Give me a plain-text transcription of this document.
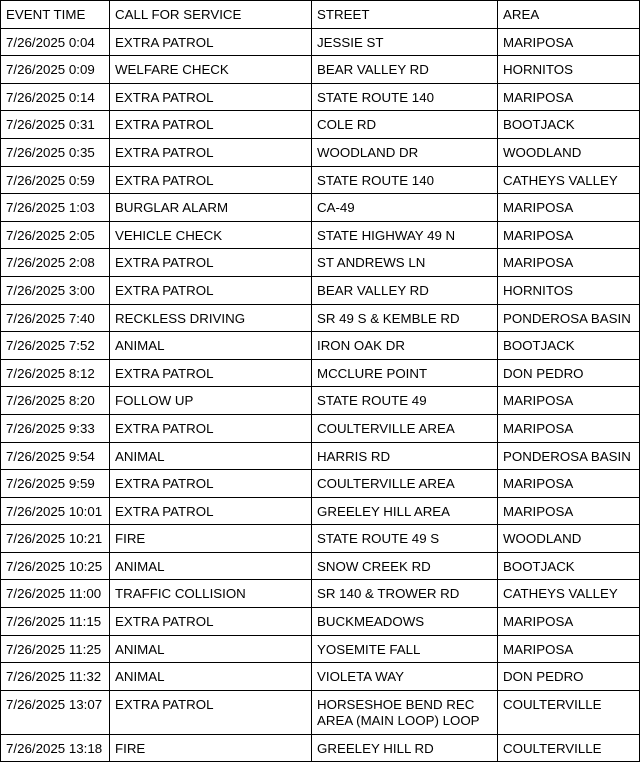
EVENT TIME	CALL FOR SERVICE	STREET	AREA
7/26/2025 0:04	EXTRA PATROL	JESSIE ST	MARIPOSA
7/26/2025 0:09	WELFARE CHECK	BEAR VALLEY RD	HORNITOS
7/26/2025 0:14	EXTRA PATROL	STATE ROUTE 140	MARIPOSA
7/26/2025 0:31	EXTRA PATROL	COLE RD	BOOTJACK
7/26/2025 0:35	EXTRA PATROL	WOODLAND DR	WOODLAND
7/26/2025 0:59	EXTRA PATROL	STATE ROUTE 140	CATHEYS VALLEY
7/26/2025 1:03	BURGLAR ALARM	CA-49	MARIPOSA
7/26/2025 2:05	VEHICLE CHECK	STATE HIGHWAY 49 N	MARIPOSA
7/26/2025 2:08	EXTRA PATROL	ST ANDREWS LN	MARIPOSA
7/26/2025 3:00	EXTRA PATROL	BEAR VALLEY RD	HORNITOS
7/26/2025 7:40	RECKLESS DRIVING	SR 49 S & KEMBLE RD	PONDEROSA BASIN
7/26/2025 7:52	ANIMAL	IRON OAK DR	BOOTJACK
7/26/2025 8:12	EXTRA PATROL	MCCLURE POINT	DON PEDRO
7/26/2025 8:20	FOLLOW UP	STATE ROUTE 49	MARIPOSA
7/26/2025 9:33	EXTRA PATROL	COULTERVILLE AREA	MARIPOSA
7/26/2025 9:54	ANIMAL	HARRIS RD	PONDEROSA BASIN
7/26/2025 9:59	EXTRA PATROL	COULTERVILLE AREA	MARIPOSA
7/26/2025 10:01	EXTRA PATROL	GREELEY HILL AREA	MARIPOSA
7/26/2025 10:21	FIRE	STATE ROUTE 49 S	WOODLAND
7/26/2025 10:25	ANIMAL	SNOW CREEK RD	BOOTJACK
7/26/2025 11:00	TRAFFIC COLLISION	SR 140 & TROWER RD	CATHEYS VALLEY
7/26/2025 11:15	EXTRA PATROL	BUCKMEADOWS	MARIPOSA
7/26/2025 11:25	ANIMAL	YOSEMITE FALL	MARIPOSA
7/26/2025 11:32	ANIMAL	VIOLETA WAY	DON PEDRO
7/26/2025 13:07	EXTRA PATROL	HORSESHOE BEND REC AREA (MAIN LOOP) LOOP	COULTERVILLE
7/26/2025 13:18	FIRE	GREELEY HILL RD	COULTERVILLE
